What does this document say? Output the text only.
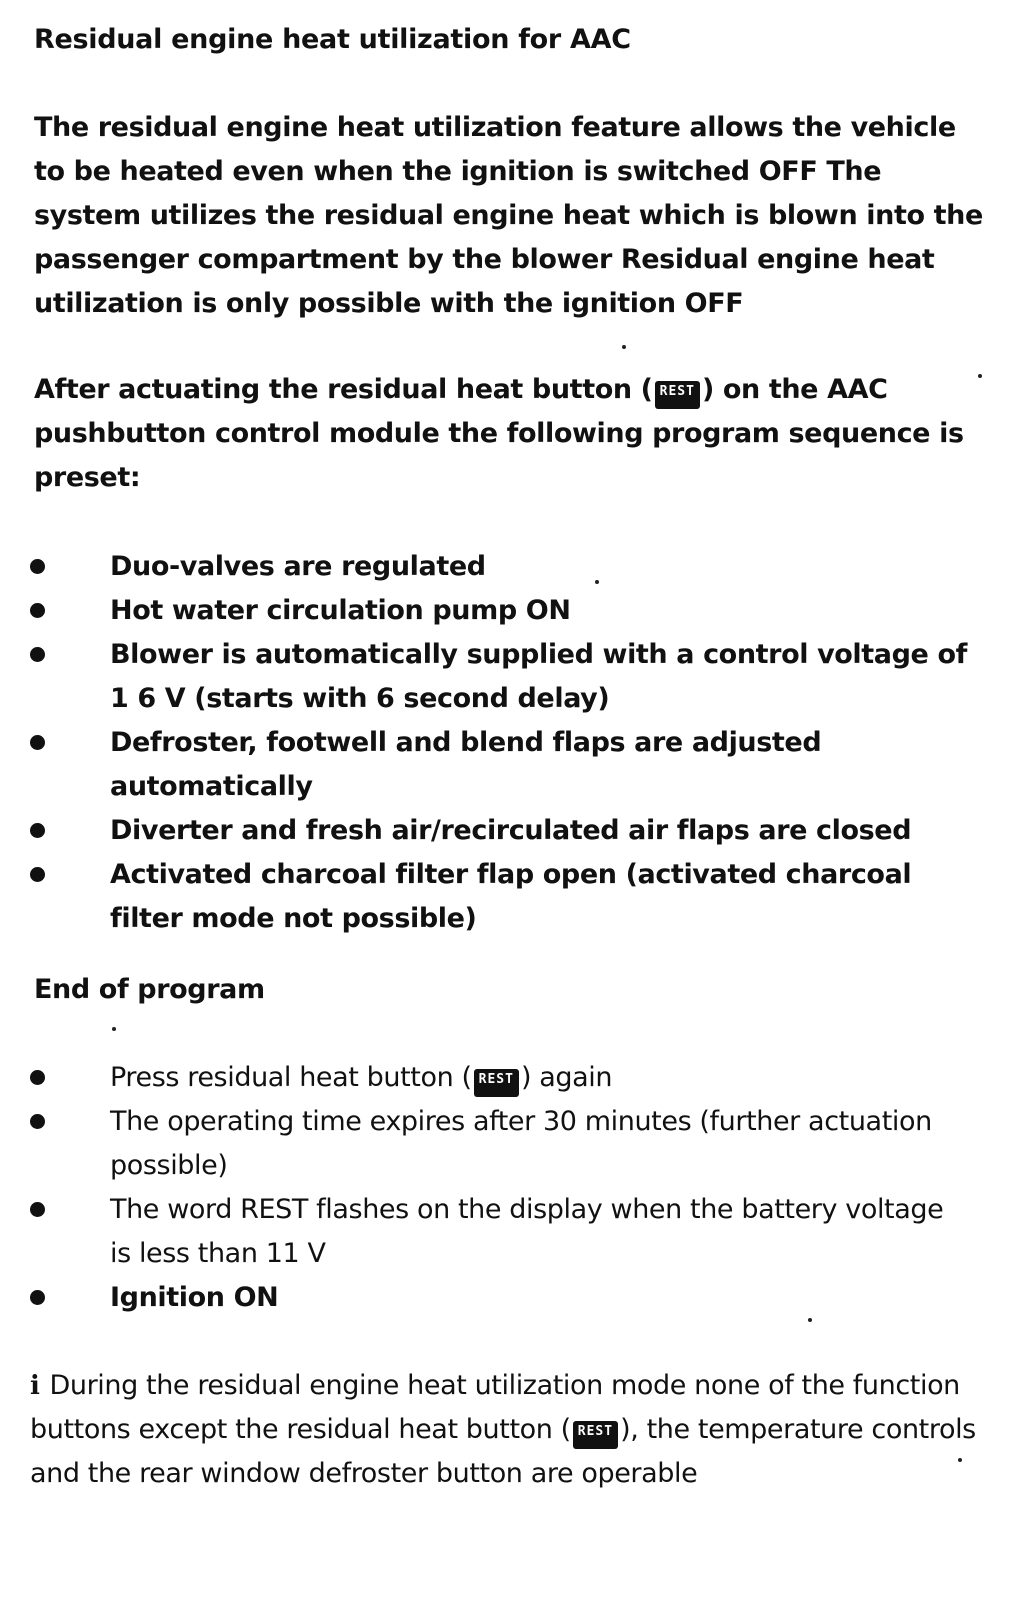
Residual engine heat utilization for AAC
The residual engine heat utilization feature allows the vehicle to be heated even when the ignition is switched OFF The system utilizes the residual engine heat which is blown into the passenger compartment by the blower Residual engine heat utilization is only possible with the ignition OFF
After actuating the residual heat button ( REST ) on the AAC pushbutton control module the following program sequence is preset:
Duo-valves are regulated
Hot water circulation pump ON
Blower is automatically supplied with a control voltage of 1 6 V (starts with 6 second delay)
Defroster, footwell and blend flaps are adjusted automatically
Diverter and fresh air/recirculated air flaps are closed
Activated charcoal filter flap open (activated charcoal filter mode not possible)
End of program
Press residual heat button ( REST ) again
The operating time expires after 30 minutes (further actuation possible)
The word REST flashes on the display when the battery voltage is less than 11 V
Ignition ON
i During the residual engine heat utilization mode none of the function buttons except the residual heat button ( REST ), the temperature controls and the rear window defroster button are operable
